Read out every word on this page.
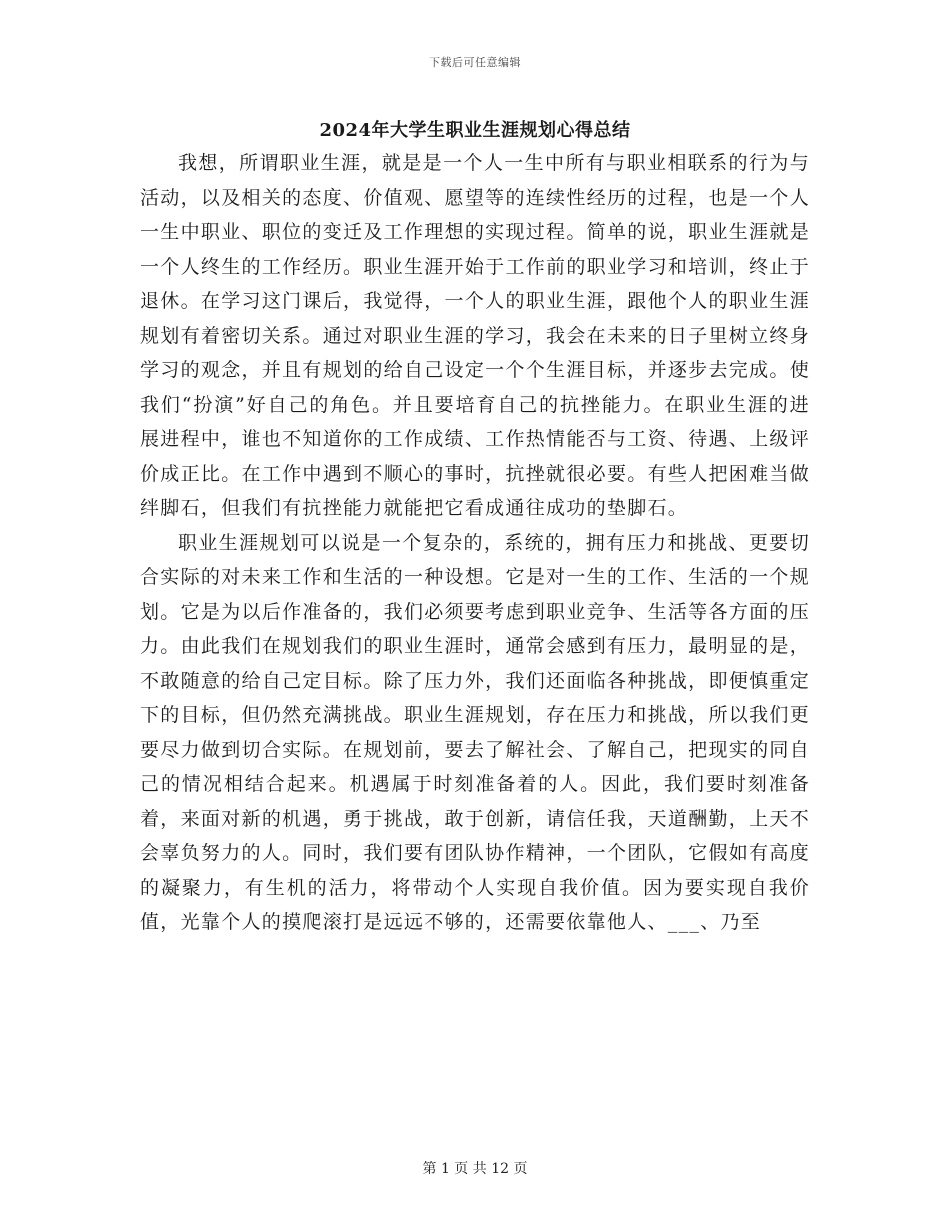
下载后可任意编辑
2024年大学生职业生涯规划心得总结

我想，所谓职业生涯，就是是一个人一生中所有与职业相联系的行为与活动，以及相关的态度、价值观、愿望等的连续性经历的过程，也是一个人一生中职业、职位的变迁及工作理想的实现过程。简单的说，职业生涯就是一个人终生的工作经历。职业生涯开始于工作前的职业学习和培训，终止于退休。在学习这门课后，我觉得，一个人的职业生涯，跟他个人的职业生涯规划有着密切关系。通过对职业生涯的学习，我会在未来的日子里树立终身学习的观念，并且有规划的给自己设定一个个生涯目标，并逐步去完成。使我们“扮演”好自己的角色。并且要培育自己的抗挫能力。在职业生涯的进展进程中，谁也不知道你的工作成绩、工作热情能否与工资、待遇、上级评价成正比。在工作中遇到不顺心的事时，抗挫就很必要。有些人把困难当做绊脚石，但我们有抗挫能力就能把它看成通往成功的垫脚石。

职业生涯规划可以说是一个复杂的，系统的，拥有压力和挑战、更要切合实际的对未来工作和生活的一种设想。它是对一生的工作、生活的一个规划。它是为以后作准备的，我们必须要考虑到职业竞争、生活等各方面的压力。由此我们在规划我们的职业生涯时，通常会感到有压力，最明显的是，不敢随意的给自己定目标。除了压力外，我们还面临各种挑战，即便慎重定下的目标，但仍然充满挑战。职业生涯规划，存在压力和挑战，所以我们更要尽力做到切合实际。在规划前，要去了解社会、了解自己，把现实的同自己的情况相结合起来。机遇属于时刻准备着的人。因此，我们要时刻准备着，来面对新的机遇，勇于挑战，敢于创新，请信任我，天道酬勤，上天不会辜负努力的人。同时，我们要有团队协作精神，一个团队，它假如有高度的凝聚力，有生机的活力，将带动个人实现自我价值。因为要实现自我价值，光靠个人的摸爬滚打是远远不够的，还需要依靠他人、___、乃至

第 1 页 共 12 页
